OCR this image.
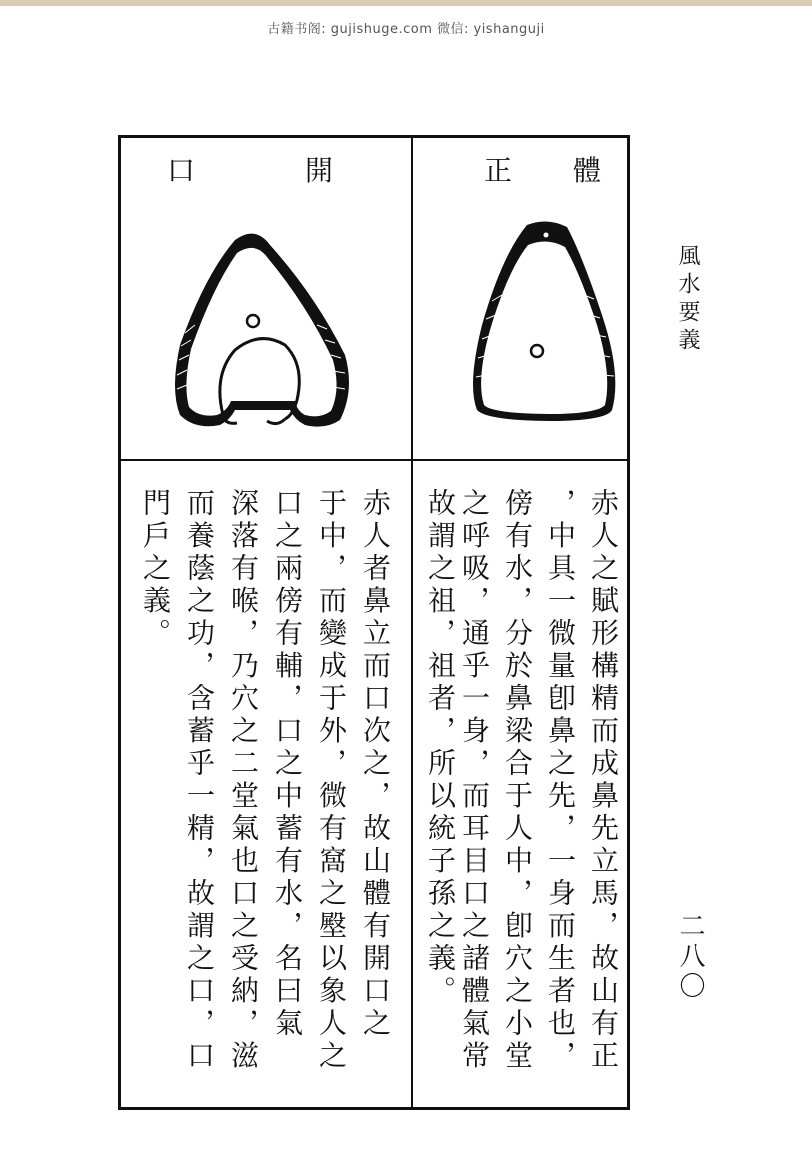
古籍书阁: gujishuge.com 微信: yishanguji
體
正
開
口
赤人之賦形構精而成鼻先立馬，故山有正
，中具一微量卽鼻之先，一身而生者也，
傍有水，分於鼻梁合于人中，卽穴之小堂
之呼吸，通乎一身，而耳目口之諸體氣常
故謂之祖，祖者，所以統子孫之義。
赤人者鼻立而口次之，故山體有開口之
于中，而變成于外，微有窩之壂以象人之
口之兩傍有輔，口之中蓄有水，名曰氣
深落有喉，乃穴之二堂氣也口之受納，滋
而養蔭之功，含蓄乎一精，故謂之口，口
門戶之義。
風水要義
二八〇
